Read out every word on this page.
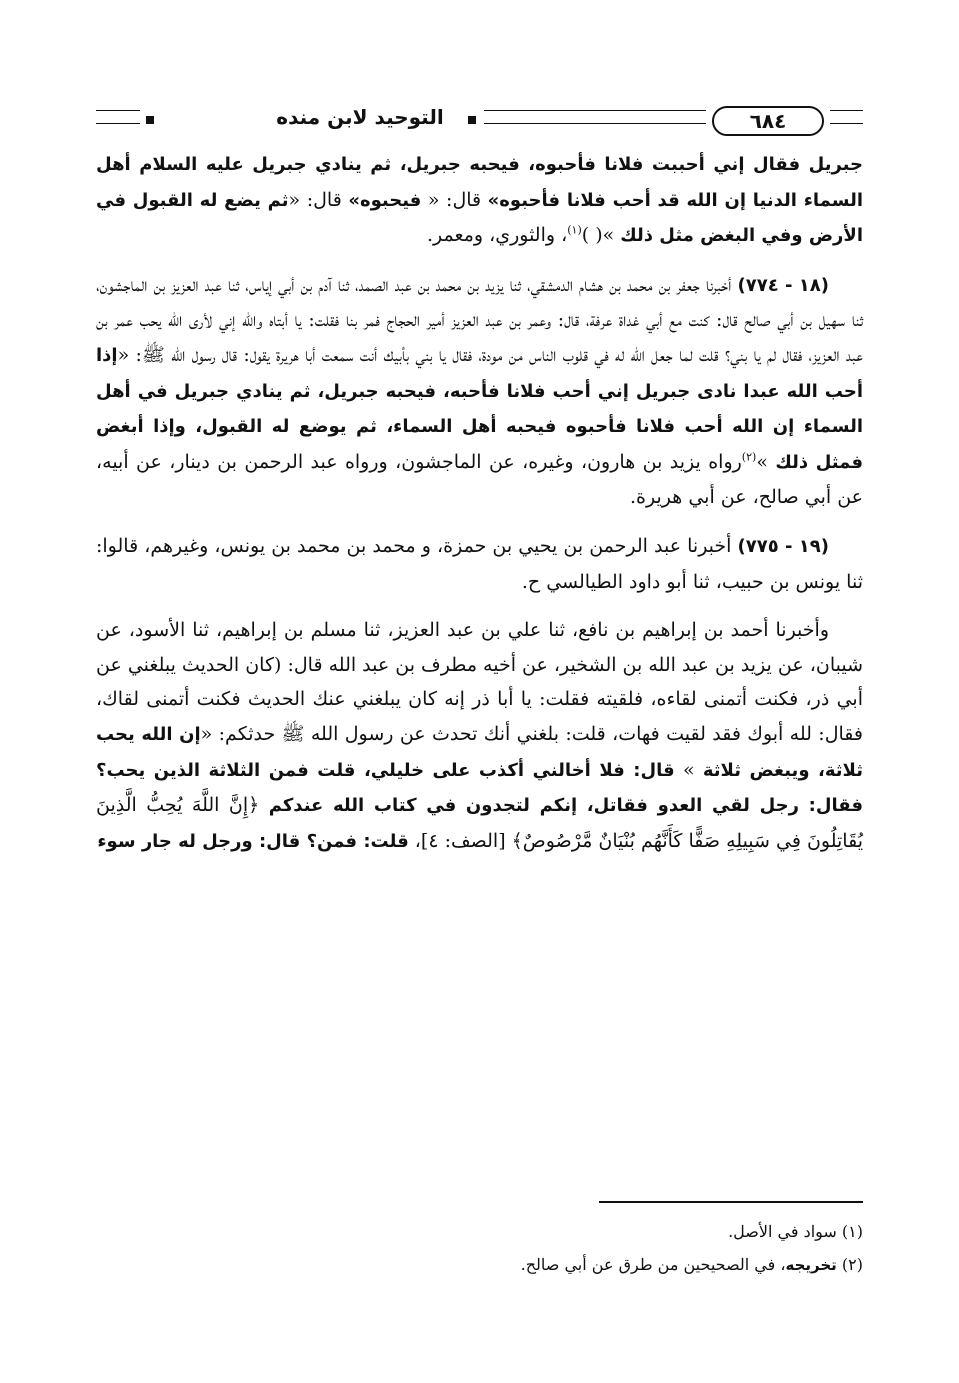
التوحيد لابن منده	٦٨٤

جبريل فقال إني أحببت فلانا فأحبوه، فيحبه جبريل، ثم ينادي جبريل عليه السلام أهل السماء الدنيا إن الله قد أحب فلانا فأحبوه» قال: « فيحبوه» قال: «ثم يضع له القبول في الأرض وفي البغض مثل ذلك »( )$^{(١)}$، والثوري، ومعمر.

(١٨ - ٧٧٤) أخبرنا جعفر بن محمد بن هشام الدمشقي، ثنا يزيد بن محمد بن عبد الصمد، ثنا آدم بن أبي إياس، ثنا عبد العزيز بن الماجشون، ثنا سهيل بن أبي صالح قال: كنت مع أبي غداة عرفة، قال: وعمر بن عبد العزيز أمير الحجاج فمر بنا فقلت: يا أبتاه والله إني لأرى الله يحب عمر بن عبد العزيز، فقال لم يا بني؟ قلت لما جعل الله له في قلوب الناس من مودة، فقال يا بني بأبيك أنت سمعت أبا هريرة يقول: قال رسول الله ﷺ: «إذا أحب الله عبدا نادى جبريل إني أحب فلانا فأحبه، فيحبه جبريل، ثم ينادي جبريل في أهل السماء إن الله أحب فلانا فأحبوه فيحبه أهل السماء، ثم يوضع له القبول، وإذا أبغض فمثل ذلك »$^{(٢)}$رواه يزيد بن هارون، وغيره، عن الماجشون، ورواه عبد الرحمن بن دينار، عن أبيه، عن أبي صالح، عن أبي هريرة.

(١٩ - ٧٧٥) أخبرنا عبد الرحمن بن يحيي بن حمزة، و محمد بن محمد بن يونس، وغيرهم، قالوا: ثنا يونس بن حبيب، ثنا أبو داود الطيالسي ح.

وأخبرنا أحمد بن إبراهيم بن نافع، ثنا علي بن عبد العزيز، ثنا مسلم بن إبراهيم، ثنا الأسود، عن شيبان، عن يزيد بن عبد الله بن الشخير، عن أخيه مطرف بن عبد الله قال: (كان الحديث يبلغني عن أبي ذر، فكنت أتمنى لقاءه، فلقيته فقلت: يا أبا ذر إنه كان يبلغني عنك الحديث فكنت أتمنى لقاك، فقال: لله أبوك فقد لقيت فهات، قلت: بلغني أنك تحدث عن رسول الله ﷺ حدثكم: «إن الله يحب ثلاثة، ويبغض ثلاثة » قال: فلا أخالني أكذب على خليلي، قلت فمن الثلاثة الذين يحب؟ فقال: رجل لقي العدو فقاتل، إنكم لتجدون في كتاب الله عندكم ﴿إِنَّ اللَّهَ يُحِبُّ الَّذِينَ يُقَاتِلُونَ فِي سَبِيلِهِ صَفًّا كَأَنَّهُم بُنْيَانٌ مَّرْصُوصٌ﴾ [الصف: ٤]، قلت: فمن؟ قال: ورجل له جار سوء

(١) سواد في الأصل.
(٢) تخريجه، في الصحيحين من طرق عن أبي صالح.
